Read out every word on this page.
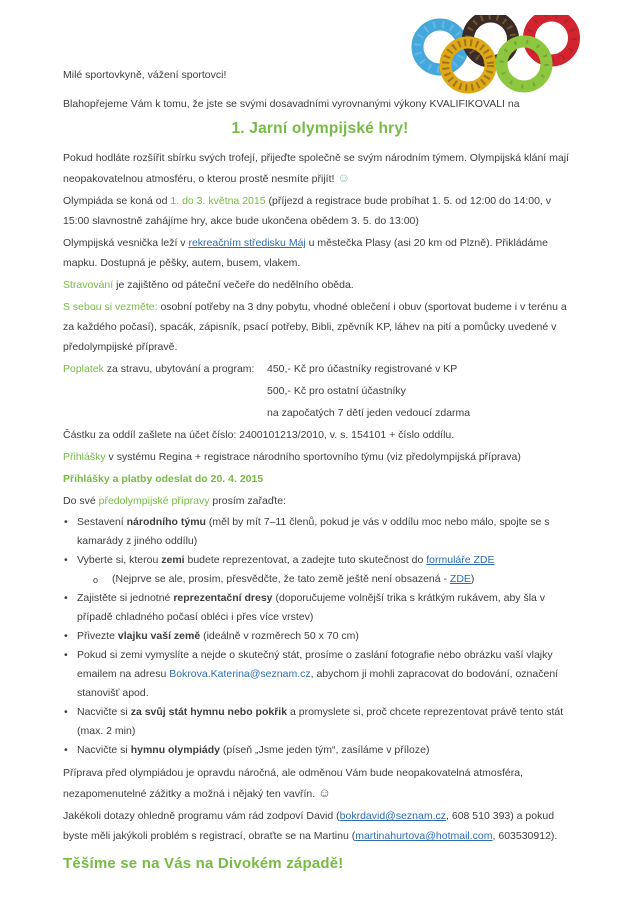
Milé sportovkyně, vážení sportovci!
Blahopřejeme Vám k tomu, že jste se svými dosavadními vyrovnanými výkony KVALIFIKOVALI na
1. Jarní olympijské hry!
Pokud hodláte rozšířit sbírku svých trofejí, přijeďte společně se svým národním týmem. Olympijská klání mají neopakovatelnou atmosféru, o kterou prostě nesmíte přijít! ☺
Olympiáda se koná od 1. do 3. května 2015 (příjezd a registrace bude probíhat 1. 5. od 12:00 do 14:00, v 15:00 slavnostně zahájíme hry, akce bude ukončena obědem 3. 5. do 13:00)
Olympijská vesnička leží v rekreačním středisku Máj u městečka Plasy (asi 20 km od Plzně). Přikládáme mapku. Dostupná je pěšky, autem, busem, vlakem.
Stravování je zajištěno od páteční večeře do nedělního oběda.
S sebou si vezměte: osobní potřeby na 3 dny pobytu, vhodné oblečení i obuv (sportovat budeme i v terénu a za každého počasí), spacák, zápisník, psací potřeby, Bibli, zpěvník KP, láhev na pití a pomůcky uvedené v předolympijské přípravě.
Poplatek za stravu, ubytování a program:	450,- Kč pro účastníky registrované v KP
500,- Kč pro ostatní účastníky
na započatých 7 dětí jeden vedoucí zdarma
Částku za oddíl zašlete na účet číslo: 2400101213/2010, v. s. 154101 + číslo oddílu.
Přihlášky v systému Regina + registrace národního sportovního týmu (viz předolympijská příprava)
Přihlášky a platby odeslat do 20. 4. 2015
Do své předolympijské přípravy prosím zařaďte:
• Sestavení národního týmu (měl by mít 7–11 členů, pokud je vás v oddílu moc nebo málo, spojte se s kamarády z jiného oddílu)
• Vyberte si, kterou zemi budete reprezentovat, a zadejte tuto skutečnost do formuláře ZDE
o (Nejprve se ale, prosím, přesvědčte, že tato země ještě není obsazená - ZDE)
• Zajistěte si jednotné reprezentační dresy (doporučujeme volnější trika s krátkým rukávem, aby šla v případě chladného počasí obléci i přes více vrstev)
• Přivezte vlajku vaší země (ideálně v rozměrech 50 x 70 cm)
• Pokud si zemi vymyslíte a nejde o skutečný stát, prosíme o zaslání fotografie nebo obrázku vaší vlajky emailem na adresu Bokrova.Katerina@seznam.cz, abychom ji mohli zapracovat do bodování, označení stanovišť apod.
• Nacvičte si za svůj stát hymnu nebo pokřik a promyslete si, proč chcete reprezentovat právě tento stát (max. 2 min)
• Nacvičte si hymnu olympiády (píseň „Jsme jeden tým“, zasíláme v příloze)
Příprava před olympiádou je opravdu náročná, ale odměnou Vám bude neopakovatelná atmosféra, nezapomenutelné zážitky a možná i nějaký ten vavřín. ☺
Jakékoli dotazy ohledně programu vám rád zodpoví David (bokrdavid@seznam.cz, 608 510 393) a pokud byste měli jakýkoli problém s registrací, obraťte se na Martinu (martinahurtova@hotmail.com, 603530912).
Těšíme se na Vás na Divokém západě!
